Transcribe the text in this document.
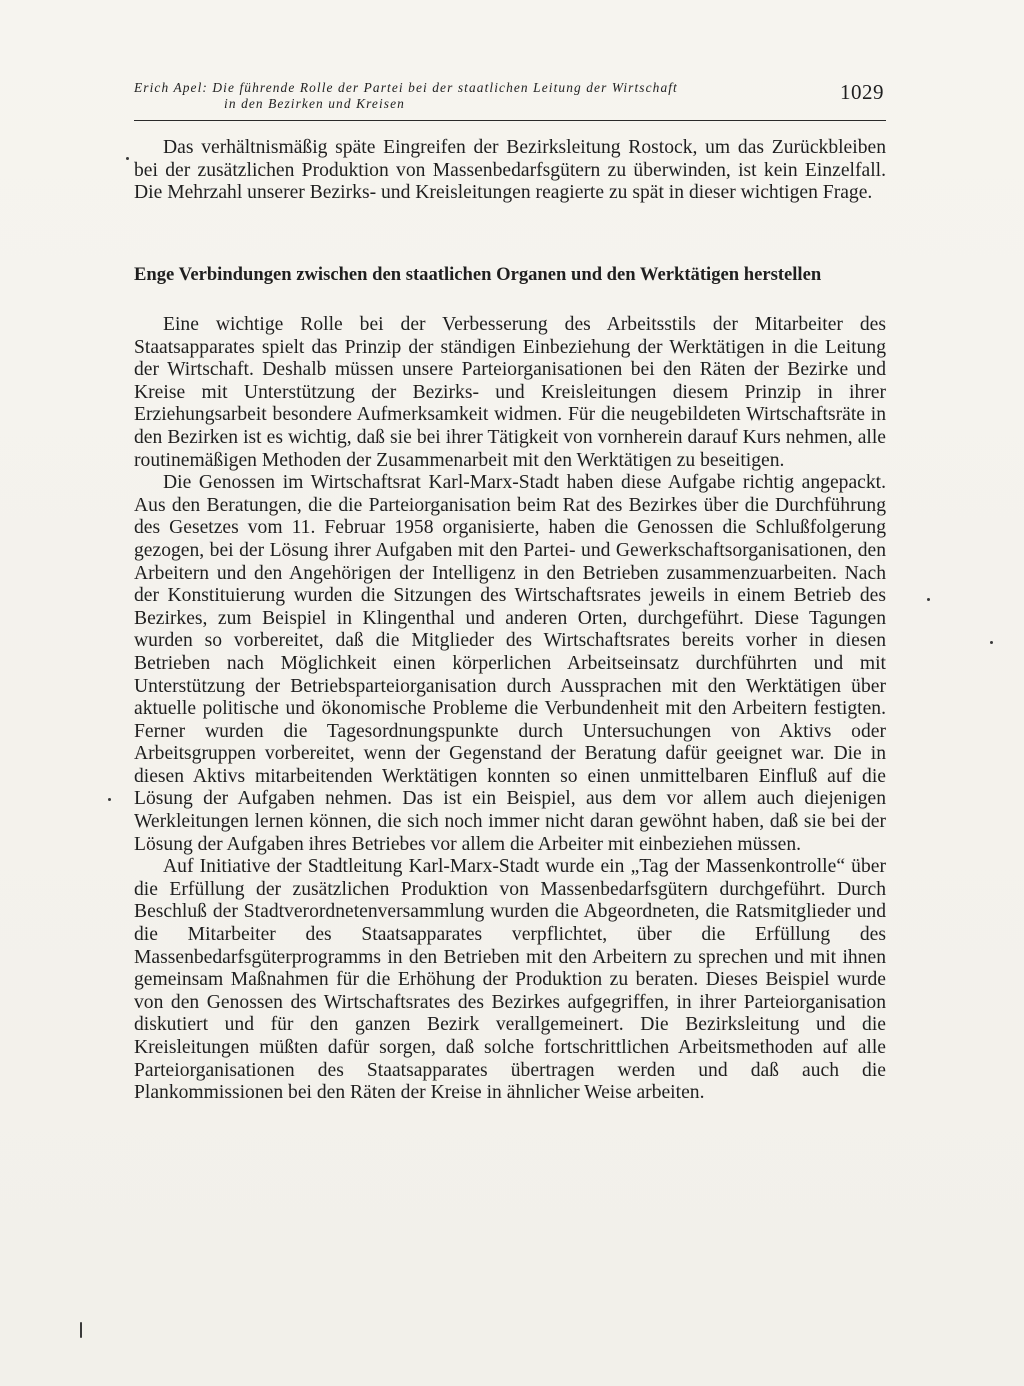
Erich Apel: Die führende Rolle der Partei bei der staatlichen Leitung der Wirtschaft
in den Bezirken und Kreisen	1029

Das verhältnismäßig späte Eingreifen der Bezirksleitung Rostock, um das Zurückbleiben bei der zusätzlichen Produktion von Massenbedarfsgütern zu überwinden, ist kein Einzelfall. Die Mehrzahl unserer Bezirks- und Kreisleitungen reagierte zu spät in dieser wichtigen Frage.

Enge Verbindungen zwischen den staatlichen Organen und den Werktätigen herstellen

Eine wichtige Rolle bei der Verbesserung des Arbeitsstils der Mitarbeiter des Staatsapparates spielt das Prinzip der ständigen Einbeziehung der Werktätigen in die Leitung der Wirtschaft. Deshalb müssen unsere Parteiorganisationen bei den Räten der Bezirke und Kreise mit Unterstützung der Bezirks- und Kreisleitungen diesem Prinzip in ihrer Erziehungsarbeit besondere Aufmerksamkeit widmen. Für die neugebildeten Wirtschaftsräte in den Bezirken ist es wichtig, daß sie bei ihrer Tätigkeit von vornherein darauf Kurs nehmen, alle routinemäßigen Methoden der Zusammenarbeit mit den Werktätigen zu beseitigen.

Die Genossen im Wirtschaftsrat Karl-Marx-Stadt haben diese Aufgabe richtig angepackt. Aus den Beratungen, die die Parteiorganisation beim Rat des Bezirkes über die Durchführung des Gesetzes vom 11. Februar 1958 organisierte, haben die Genossen die Schlußfolgerung gezogen, bei der Lösung ihrer Aufgaben mit den Partei- und Gewerkschaftsorganisationen, den Arbeitern und den Angehörigen der Intelligenz in den Betrieben zusammenzuarbeiten. Nach der Konstituierung wurden die Sitzungen des Wirtschaftsrates jeweils in einem Betrieb des Bezirkes, zum Beispiel in Klingenthal und anderen Orten, durchgeführt. Diese Tagungen wurden so vorbereitet, daß die Mitglieder des Wirtschaftsrates bereits vorher in diesen Betrieben nach Möglichkeit einen körperlichen Arbeitseinsatz durchführten und mit Unterstützung der Betriebsparteiorganisation durch Aussprachen mit den Werktätigen über aktuelle politische und ökonomische Probleme die Verbundenheit mit den Arbeitern festigten. Ferner wurden die Tagesordnungspunkte durch Untersuchungen von Aktivs oder Arbeitsgruppen vorbereitet, wenn der Gegenstand der Beratung dafür geeignet war. Die in diesen Aktivs mitarbeitenden Werktätigen konnten so einen unmittelbaren Einfluß auf die Lösung der Aufgaben nehmen. Das ist ein Beispiel, aus dem vor allem auch diejenigen Werkleitungen lernen können, die sich noch immer nicht daran gewöhnt haben, daß sie bei der Lösung der Aufgaben ihres Betriebes vor allem die Arbeiter mit einbeziehen müssen.

Auf Initiative der Stadtleitung Karl-Marx-Stadt wurde ein „Tag der Massenkontrolle“ über die Erfüllung der zusätzlichen Produktion von Massenbedarfsgütern durchgeführt. Durch Beschluß der Stadtverordnetenversammlung wurden die Abgeordneten, die Ratsmitglieder und die Mitarbeiter des Staatsapparates verpflichtet, über die Erfüllung des Massenbedarfsgüterprogramms in den Betrieben mit den Arbeitern zu sprechen und mit ihnen gemeinsam Maßnahmen für die Erhöhung der Produktion zu beraten. Dieses Beispiel wurde von den Genossen des Wirtschaftsrates des Bezirkes aufgegriffen, in ihrer Parteiorganisation diskutiert und für den ganzen Bezirk verallgemeinert. Die Bezirksleitung und die Kreisleitungen müßten dafür sorgen, daß solche fortschrittlichen Arbeitsmethoden auf alle Parteiorganisationen des Staatsapparates übertragen werden und daß auch die Plankommissionen bei den Räten der Kreise in ähnlicher Weise arbeiten.
